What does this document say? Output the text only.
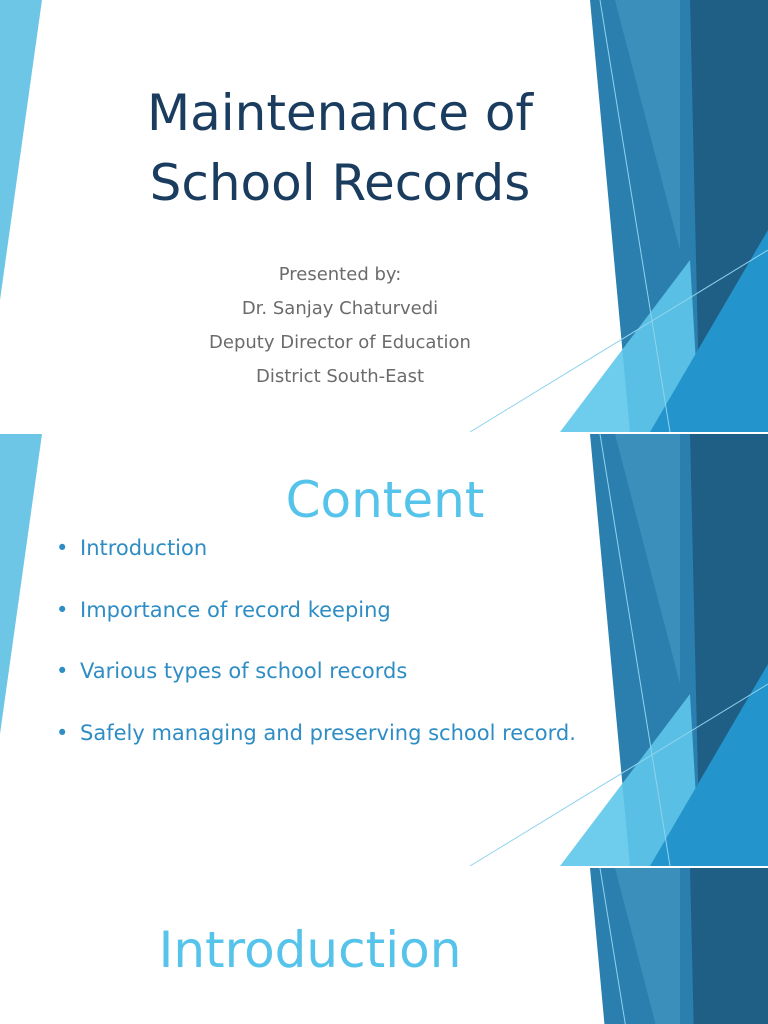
Maintenance of
School Records
Presented by:
Dr. Sanjay Chaturvedi
Deputy Director of Education
District South-East
Content
• Introduction
• Importance of record keeping
• Various types of school records
• Safely managing and preserving school record.
Introduction
